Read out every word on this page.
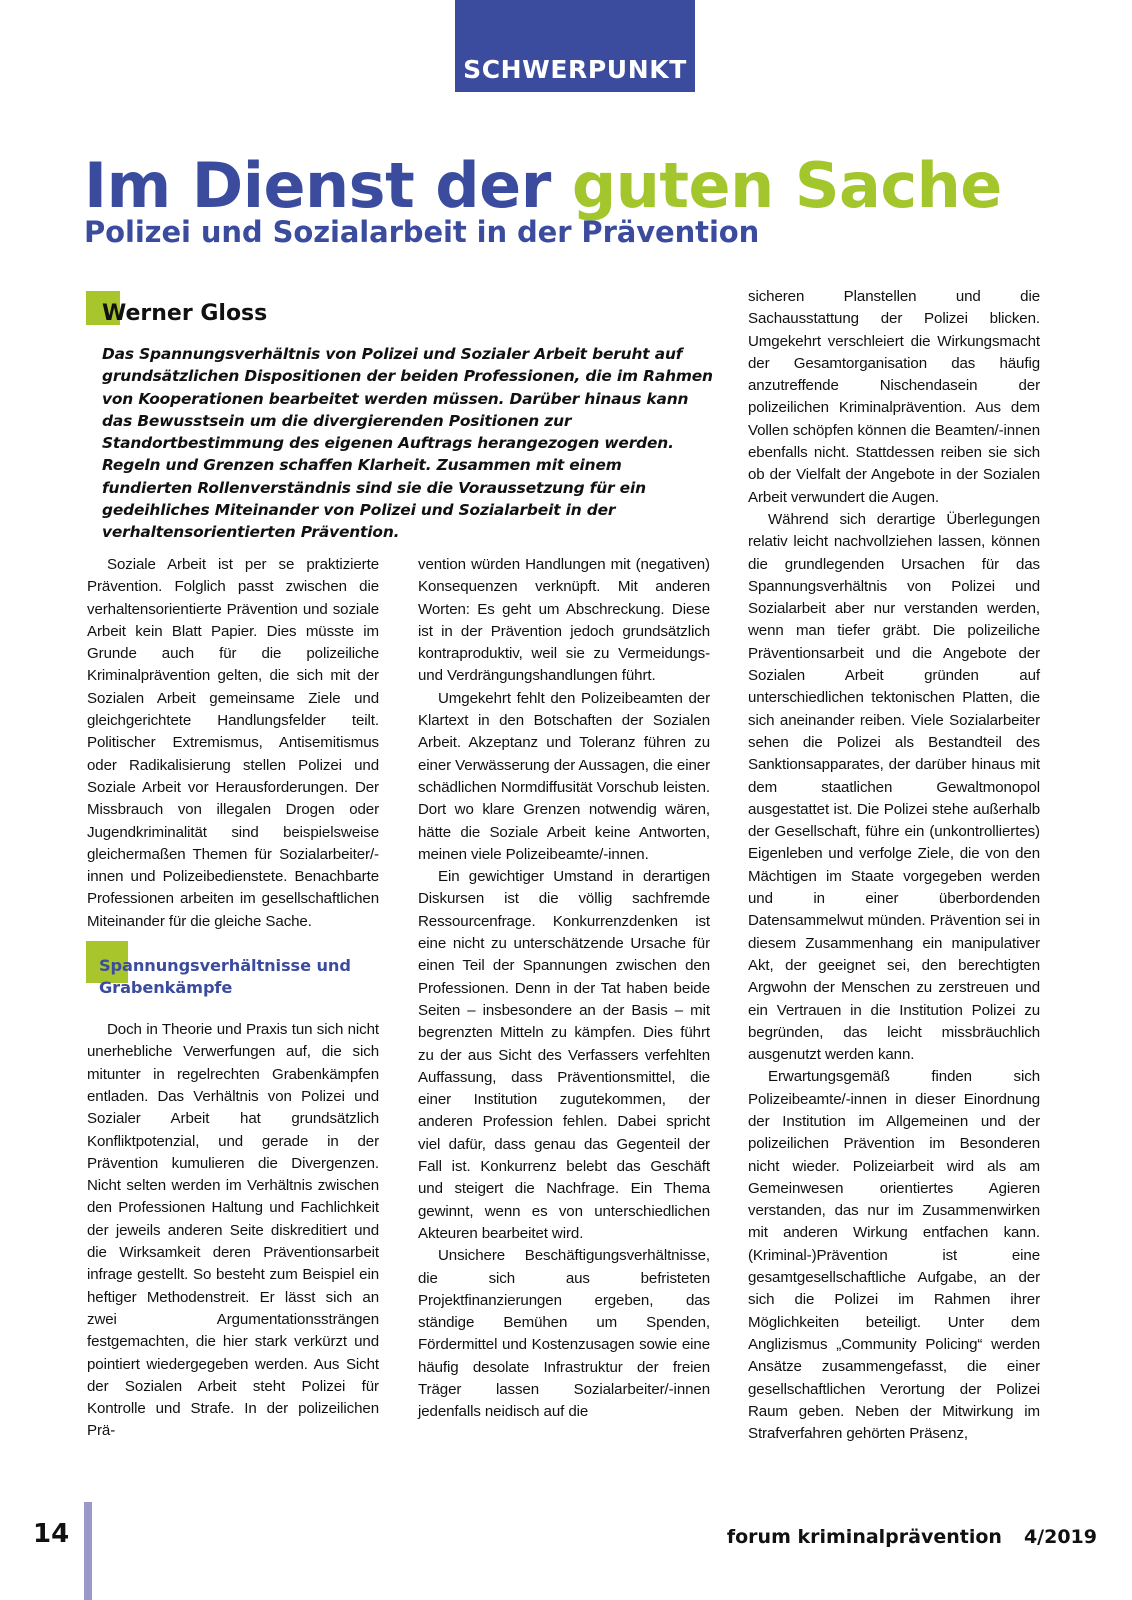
SCHWERPUNKT
Im Dienst der guten Sache
Polizei und Sozialarbeit in der Prävention
Werner Gloss
Das Spannungsverhältnis von Polizei und Sozialer Arbeit beruht auf grundsätzlichen Dispositionen der beiden Professionen, die im Rahmen von Kooperationen bearbeitet werden müssen. Darüber hinaus kann das Bewusstsein um die divergierenden Positionen zur Standortbestimmung des eigenen Auftrags herangezogen werden. Regeln und Grenzen schaffen Klarheit. Zusammen mit einem fundierten Rollenverständnis sind sie die Voraussetzung für ein gedeihliches Miteinander von Polizei und Sozialarbeit in der verhaltensorientierten Prävention.

Soziale Arbeit ist per se praktizierte Prävention. Folglich passt zwischen die verhaltensorientierte Prävention und soziale Arbeit kein Blatt Papier. Dies müsste im Grunde auch für die polizeiliche Kriminalprävention gelten, die sich mit der Sozialen Arbeit gemeinsame Ziele und gleichgerichtete Handlungsfelder teilt. Politischer Extremismus, Antisemitismus oder Radikalisierung stellen Polizei und Soziale Arbeit vor Herausforderungen. Der Missbrauch von illegalen Drogen oder Jugendkriminalität sind beispielsweise gleichermaßen Themen für Sozialarbeiter/-innen und Polizeibedienstete. Benachbarte Professionen arbeiten im gesellschaftlichen Miteinander für die gleiche Sache.

Spannungsverhältnisse und Grabenkämpfe

Doch in Theorie und Praxis tun sich nicht unerhebliche Verwerfungen auf, die sich mitunter in regelrechten Grabenkämpfen entladen. Das Verhältnis von Polizei und Sozialer Arbeit hat grundsätzlich Konfliktpotenzial, und gerade in der Prävention kumulieren die Divergenzen. Nicht selten werden im Verhältnis zwischen den Professionen Haltung und Fachlichkeit der jeweils anderen Seite diskreditiert und die Wirksamkeit deren Präventionsarbeit infrage gestellt. So besteht zum Beispiel ein heftiger Methodenstreit. Er lässt sich an zwei Argumentationssträngen festgemachten, die hier stark verkürzt und pointiert wiedergegeben werden. Aus Sicht der Sozialen Arbeit steht Polizei für Kontrolle und Strafe. In der polizeilichen Prä-

vention würden Handlungen mit (negativen) Konsequenzen verknüpft. Mit anderen Worten: Es geht um Abschreckung. Diese ist in der Prävention jedoch grundsätzlich kontraproduktiv, weil sie zu Vermeidungs- und Verdrängungshandlungen führt.

Umgekehrt fehlt den Polizeibeamten der Klartext in den Botschaften der Sozialen Arbeit. Akzeptanz und Toleranz führen zu einer Verwässerung der Aussagen, die einer schädlichen Normdiffusität Vorschub leisten. Dort wo klare Grenzen notwendig wären, hätte die Soziale Arbeit keine Antworten, meinen viele Polizeibeamte/-innen.

Ein gewichtiger Umstand in derartigen Diskursen ist die völlig sachfremde Ressourcenfrage. Konkurrenzdenken ist eine nicht zu unterschätzende Ursache für einen Teil der Spannungen zwischen den Professionen. Denn in der Tat haben beide Seiten – insbesondere an der Basis – mit begrenzten Mitteln zu kämpfen. Dies führt zu der aus Sicht des Verfassers verfehlten Auffassung, dass Präventionsmittel, die einer Institution zugutekommen, der anderen Profession fehlen. Dabei spricht viel dafür, dass genau das Gegenteil der Fall ist. Konkurrenz belebt das Geschäft und steigert die Nachfrage. Ein Thema gewinnt, wenn es von unterschiedlichen Akteuren bearbeitet wird.

Unsichere Beschäftigungsverhältnisse, die sich aus befristeten Projektfinanzierungen ergeben, das ständige Bemühen um Spenden, Fördermittel und Kostenzusagen sowie eine häufig desolate Infrastruktur der freien Träger lassen Sozialarbeiter/-innen jedenfalls neidisch auf die

sicheren Planstellen und die Sachausstattung der Polizei blicken. Umgekehrt verschleiert die Wirkungsmacht der Gesamtorganisation das häufig anzutreffende Nischendasein der polizeilichen Kriminalprävention. Aus dem Vollen schöpfen können die Beamten/-innen ebenfalls nicht. Stattdessen reiben sie sich ob der Vielfalt der Angebote in der Sozialen Arbeit verwundert die Augen.

Während sich derartige Überlegungen relativ leicht nachvollziehen lassen, können die grundlegenden Ursachen für das Spannungsverhältnis von Polizei und Sozialarbeit aber nur verstanden werden, wenn man tiefer gräbt. Die polizeiliche Präventionsarbeit und die Angebote der Sozialen Arbeit gründen auf unterschiedlichen tektonischen Platten, die sich aneinander reiben. Viele Sozialarbeiter sehen die Polizei als Bestandteil des Sanktionsapparates, der darüber hinaus mit dem staatlichen Gewaltmonopol ausgestattet ist. Die Polizei stehe außerhalb der Gesellschaft, führe ein (unkontrolliertes) Eigenleben und verfolge Ziele, die von den Mächtigen im Staate vorgegeben werden und in einer überbordenden Datensammelwut münden. Prävention sei in diesem Zusammenhang ein manipulativer Akt, der geeignet sei, den berechtigten Argwohn der Menschen zu zerstreuen und ein Vertrauen in die Institution Polizei zu begründen, das leicht missbräuchlich ausgenutzt werden kann.

Erwartungsgemäß finden sich Polizeibeamte/-innen in dieser Einordnung der Institution im Allgemeinen und der polizeilichen Prävention im Besonderen nicht wieder. Polizeiarbeit wird als am Gemeinwesen orientiertes Agieren verstanden, das nur im Zusammenwirken mit anderen Wirkung entfachen kann. (Kriminal-)Prävention ist eine gesamtgesellschaftliche Aufgabe, an der sich die Polizei im Rahmen ihrer Möglichkeiten beteiligt. Unter dem Anglizismus „Community Policing“ werden Ansätze zusammengefasst, die einer gesellschaftlichen Verortung der Polizei Raum geben. Neben der Mitwirkung im Strafverfahren gehörten Präsenz,

14	forum kriminalprävention 4/2019
